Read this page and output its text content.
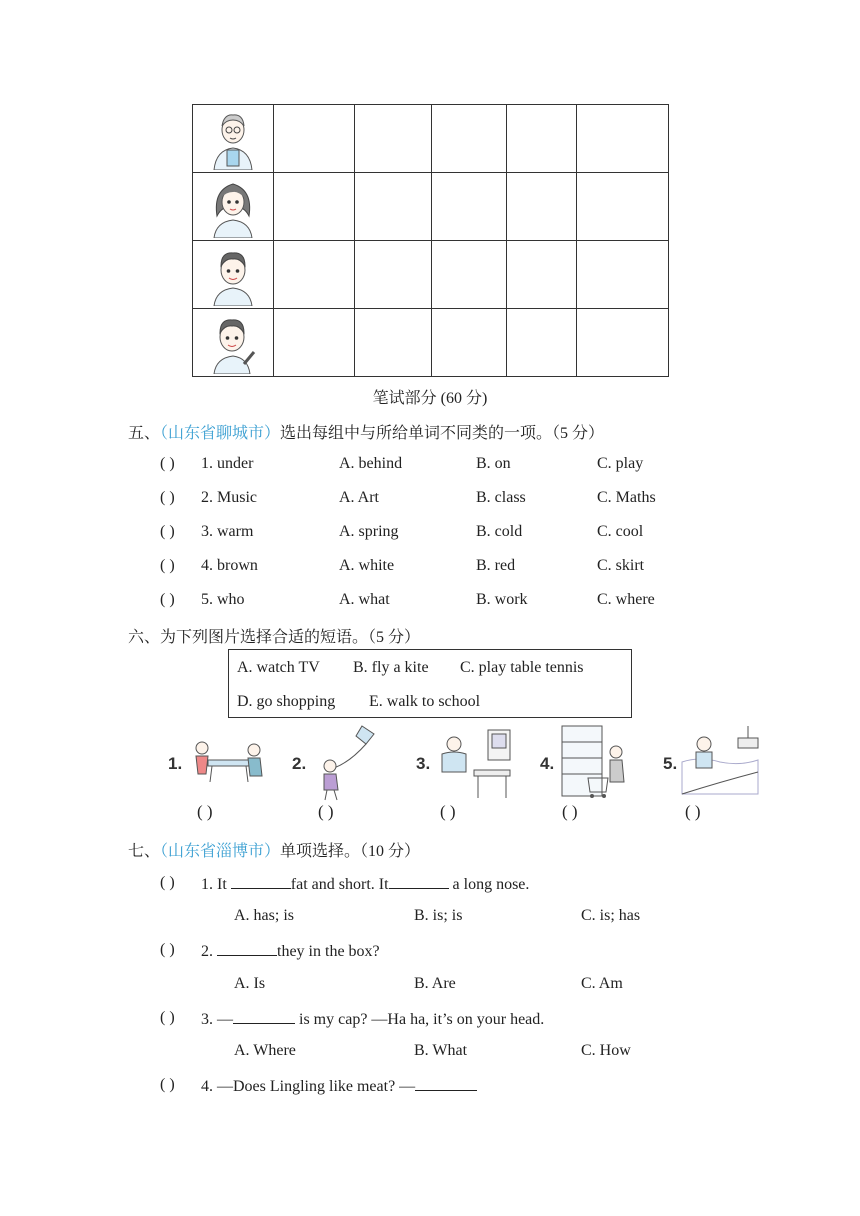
笔试部分 (60 分)
五、（山东省聊城市）选出每组中与所给单词不同类的一项。（5 分）
( ) 1. under	A. behind	B. on	C. play
( ) 2. Music	A. Art	B. class	C. Maths
( ) 3. warm	A. spring	B. cold	C. cool
( ) 4. brown	A. white	B. red	C. skirt
( ) 5. who	A. what	B. work	C. where
六、为下列图片选择合适的短语。（5 分）
A. watch TV B. fly a kite C. play table tennis
D. go shopping E. walk to school
1.
( )
2.
( )
3.
( )
4.
( )
5.
( )
七、（山东省淄博市）单项选择。（10 分）
( ) 1. It	fat and short. It	a long nose.
A. has; is	B. is; is	C. is; has
( ) 2.	they in the box?
A. Is	B. Are	C. Am
( ) 3. —	is my cap? —Ha ha, it’s on your head.
A. Where	B. What	C. How
( ) 4. —Does Lingling like meat? —
